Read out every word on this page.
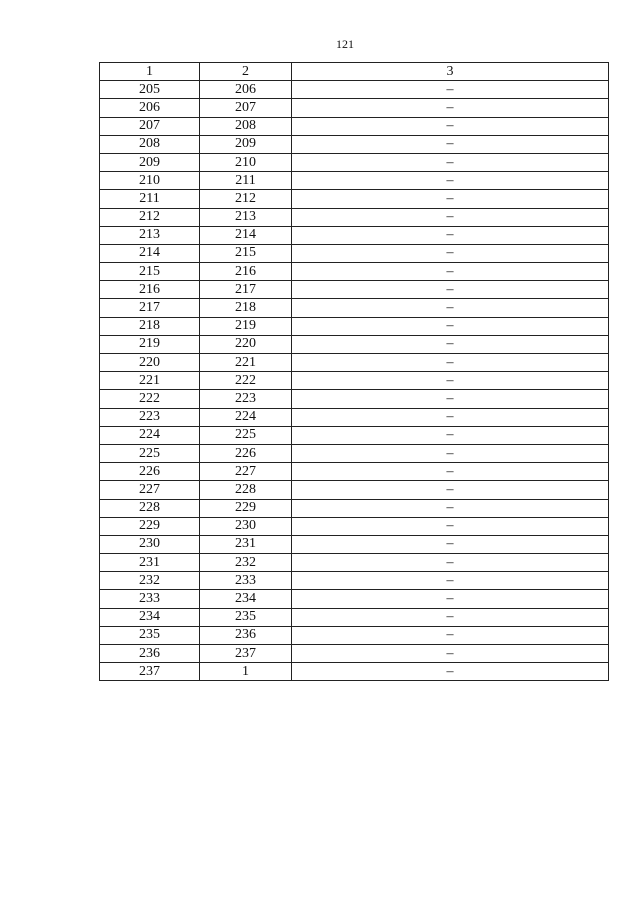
121
1	2	3
205	206	–
206	207	–
207	208	–
208	209	–
209	210	–
210	211	–
211	212	–
212	213	–
213	214	–
214	215	–
215	216	–
216	217	–
217	218	–
218	219	–
219	220	–
220	221	–
221	222	–
222	223	–
223	224	–
224	225	–
225	226	–
226	227	–
227	228	–
228	229	–
229	230	–
230	231	–
231	232	–
232	233	–
233	234	–
234	235	–
235	236	–
236	237	–
237	1	–
